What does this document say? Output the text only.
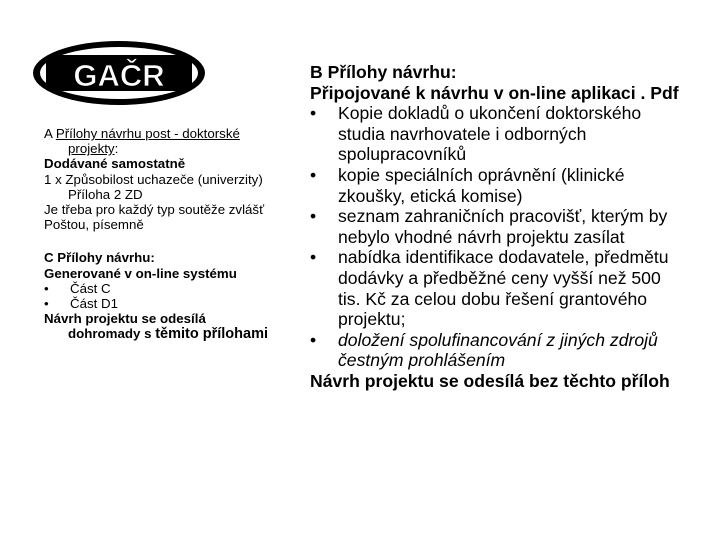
GAČR
A Přílohy návrhu post - doktorské projekty:
Dodávané samostatně
1 x Způsobilost uchazeče (univerzity) Příloha 2 ZD
Je třeba pro každý typ soutěže zvlášť
Poštou, písemně
C Přílohy návrhu:
Generované v on-line systému
• Část C
• Část D1
Návrh projektu se odesílá dohromady s těmito přílohami
B Přílohy návrhu:
Připojované k návrhu v on-line aplikaci . Pdf
• Kopie dokladů o ukončení doktorského studia navrhovatele i odborných spolupracovníků
• kopie speciálních oprávnění (klinické zkoušky, etická komise)
• seznam zahraničních pracovišť, kterým by nebylo vhodné návrh projektu zasílat
• nabídka identifikace dodavatele, předmětu dodávky a předběžné ceny vyšší než 500 tis. Kč za celou dobu řešení grantového projektu;
• doložení spolufinancování z jiných zdrojů čestným prohlášením
Návrh projektu se odesílá bez těchto příloh
